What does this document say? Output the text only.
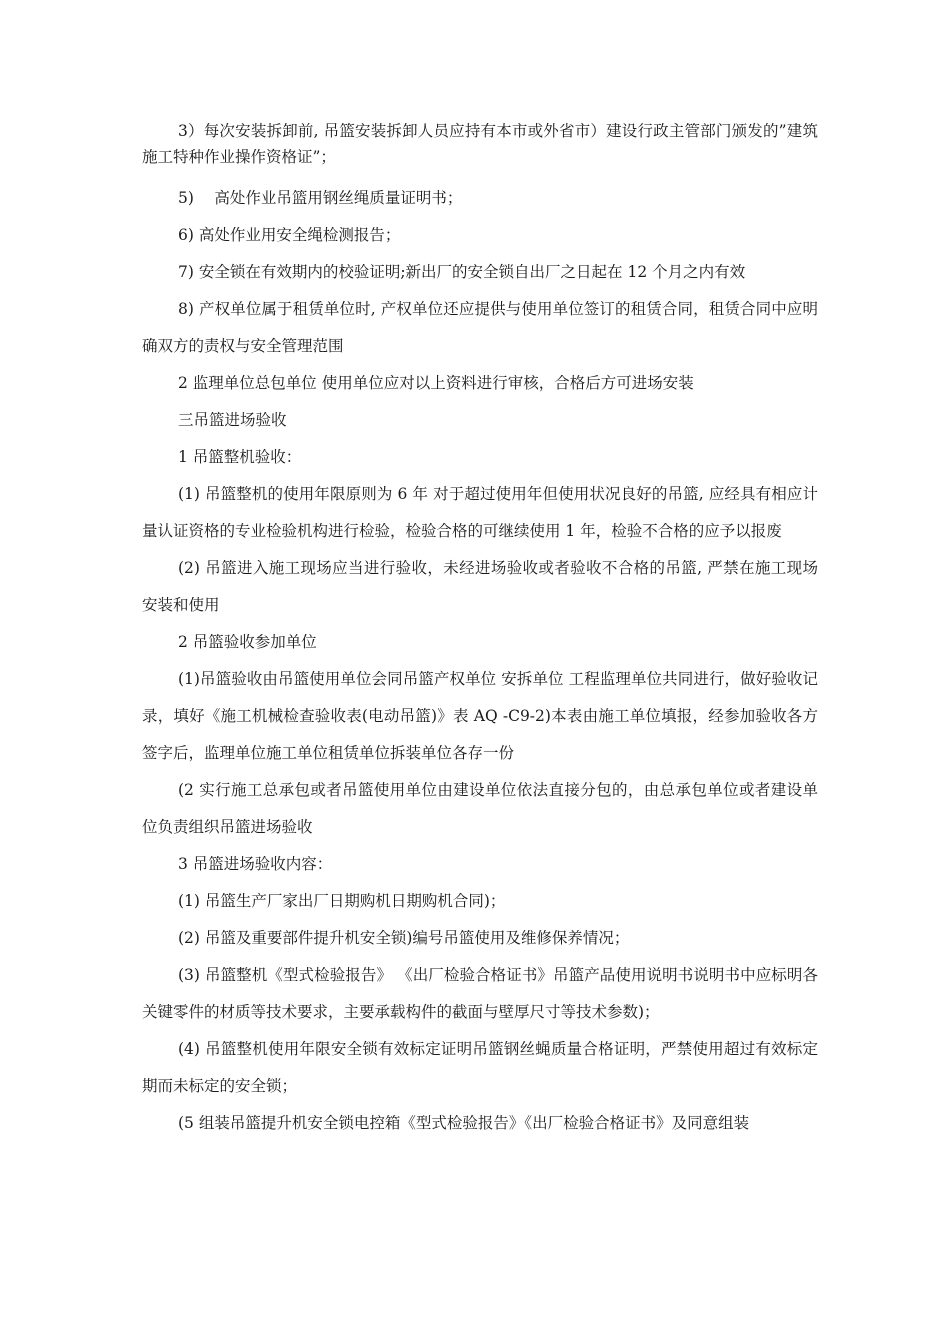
3）每次安装拆卸前, 吊篮安装拆卸人员应持有本市或外省市）建设行政主管部门颁发的”建筑施工特种作业操作资格证”；

5)　 高处作业吊篮用钢丝绳质量证明书；

6) 高处作业用安全绳检测报告；

7) 安全锁在有效期内的校验证明;新出厂的安全锁自出厂之日起在 12 个月之内有效

8) 产权单位属于租赁单位时, 产权单位还应提供与使用单位签订的租赁合同，租赁合同中应明确双方的责权与安全管理范围

2 监理单位总包单位 使用单位应对以上资料进行审核，合格后方可进场安装

三吊篮进场验收

1 吊篮整机验收：

(1) 吊篮整机的使用年限原则为 6 年 对于超过使用年但使用状况良好的吊篮, 应经具有相应计量认证资格的专业检验机构进行检验，检验合格的可继续使用 1 年，检验不合格的应予以报废

(2) 吊篮进入施工现场应当进行验收，未经进场验收或者验收不合格的吊篮, 严禁在施工现场安装和使用

2 吊篮验收参加单位

(1)吊篮验收由吊篮使用单位会同吊篮产权单位 安拆单位 工程监理单位共同进行，做好验收记录，填好《施工机械检查验收表(电动吊篮)》表 AQ -C9-2)本表由施工单位填报，经参加验收各方签字后，监理单位施工单位租赁单位拆装单位各存一份

(2 实行施工总承包或者吊篮使用单位由建设单位依法直接分包的，由总承包单位或者建设单位负责组织吊篮进场验收

3 吊篮进场验收内容：

(1) 吊篮生产厂家出厂日期购机日期购机合同)；

(2) 吊篮及重要部件提升机安全锁)编号吊篮使用及维修保养情况；

(3) 吊篮整机《型式检验报告》 《出厂检验合格证书》吊篮产品使用说明书说明书中应标明各关键零件的材质等技术要求，主要承载构件的截面与壁厚尺寸等技术参数)；

(4) 吊篮整机使用年限安全锁有效标定证明吊篮钢丝蝇质量合格证明，严禁使用超过有效标定期而未标定的安全锁；

(5 组装吊篮提升机安全锁电控箱《型式检验报告》《出厂检验合格证书》及同意组装
